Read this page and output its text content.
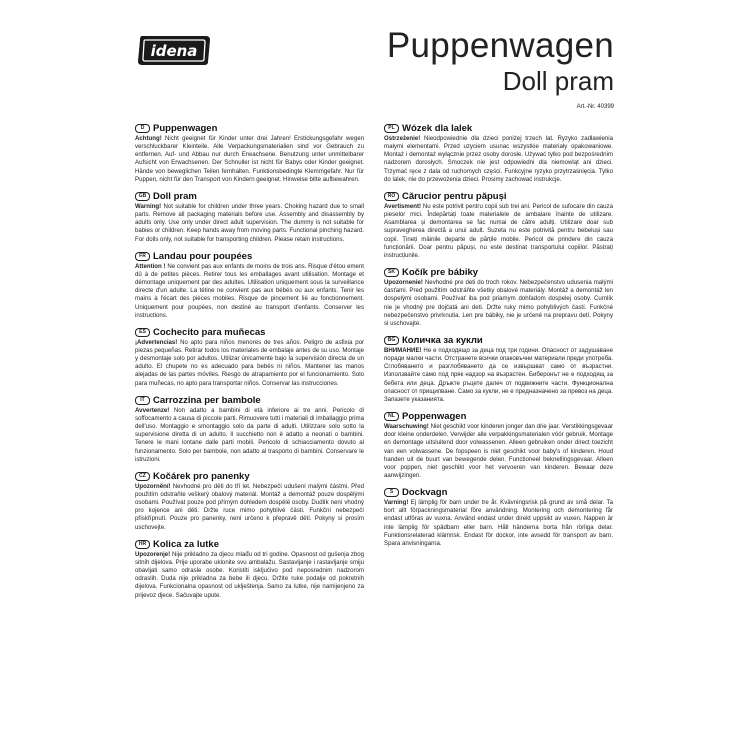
idena	Puppenwagen
Doll pram
Art.-Nr. 40399
D Puppenwagen
Achtung! Nicht geeignet für Kinder unter drei Jahren! Erstickungsgefahr wegen verschluckbarer Kleinteile. Alle Verpackungsmaterialien sind vor Gebrauch zu entfernen. Auf- und Abbau nur durch Erwachsene. Benutzung unter unmittelbarer Aufsicht von Erwachsenen. Der Schnuller ist nicht für Babys oder Kinder geeignet. Hände von beweglichen Teilen fernhalten. Funktionsbedingte Klemmgefahr. Nur für Puppen, nicht für den Transport von Kindern geeignet. Hinweise bitte aufbewahren.
GB Doll pram
Warning! Not suitable for children under three years. Choking hazard due to small parts. Remove all packaging materials before use. Assembly and disassembly by adults only. Use only under direct adult supervision. The dummy is not suitable for babies or children. Keep hands away from moving parts. Functional pinching hazard. For dolls only, not suitable for transporting children. Please retain instructions.
FR Landau pour poupées
Attention ! Ne convient pas aux enfants de moins de trois ans. Risque d'étou ement dû à de petites pièces. Retirer tous les emballages avant utilisation. Montage et démontage uniquement par des adultes. Utilisation uniquement sous la surveillance directe d'un adulte. La tétine ne convient pas aux bébés ou aux enfants. Tenir les mains à l'écart des pièces mobiles. Risque de pincement lié au fonctionnement. Uniquement pour poupées, non destiné au transport d'enfants. Conserver les instructions.
ES Cochecito para muñecas
¡Advertencias! No apto para niños menores de tres años. Peligro de asfixia por piezas pequeñas. Retirar todos los materiales de embalaje antes de su uso. Montaje y desmontaje solo por adultos. Utilizar únicamente bajo la supervisión directa de un adulto. El chupete no es adecuado para bebés ni niños. Mantener las manos alejadas de las partes móviles. Riesgo de atrapamiento por el funcionamiento. Solo para muñecas, no apto para transportar niños. Conservar las instrucciones.
IT Carrozzina per bambole
Avvertenze! Non adatto a bambini di età inferiore ai tre anni. Pericolo di soffocamento a causa di piccole parti. Rimuovere tutti i materiali di imballaggio prima dell'uso. Montaggio e smontaggio solo da parte di adulti. Utilizzare solo sotto la supervisione diretta di un adulto. Il succhietto non è adatto a neonati o bambini. Tenere le mani lontane dalle parti mobili. Pericolo di schiacciamento dovuto al funzionamento. Solo per bambole, non adatto al trasporto di bambini. Conservare le istruzioni.
CZ Kočárek pro panenky
Upozornění! Nevhodné pro děti do tří let. Nebezpečí udušení malými částmi. Před použitím odstraňte veškerý obalový materiál. Montáž a demontáž pouze dospělými osobami. Používat pouze pod přímým dohledem dospělé osoby. Dudlík není vhodný pro kojence ani děti. Držte ruce mimo pohyblivé části. Funkční nebezpečí přiskřípnutí. Pouze pro panenky, není určeno k přepravě dětí. Pokyny si prosím uschovejte.
HR Kolica za lutke
Upozorenje! Nije prikladno za djecu mlađu od tri godine. Opasnost od gušenja zbog sitnih dijelova. Prije uporabe uklonite svu ambalažu. Sastavljanje i rastavljanje smiju obavljati samo odrasle osobe. Koristiti isključivo pod neposrednim nadzorom odraslih. Duda nije prikladna za bebe ili djecu. Držite ruke podalje od pokretnih dijelova. Funkcionalna opasnost od uklještenja. Samo za lutke, nije namijenjeno za prijevoz djece. Sačuvajte upute.
PL Wózek dla lalek
Ostrzeżenie! Nieodpowiednie dla dzieci poniżej trzech lat. Ryzyko zadławienia małymi elementami. Przed uzyciem usunac wszystkie materiały opakowaniowe. Montaż i demontaż wyłącznie przez osoby dorosłe. Używać tylko pod bezpośrednim nadzorem dorosłych. Smoczek nie jest odpowiedni dla niemowląt ani dzieci. Trzymać ręce z dala od ruchomych części. Funkcyjne ryzyko przytrzaśnięcia. Tylko do lalek, nie do przewożenia dzieci. Prosimy zachować instrukcje.
RO Cărucior pentru păpuși
Avertisment! Nu este potrivit pentru copii sub trei ani. Pericol de sufocare din cauza pieselor mici. Îndepărtați toate materialele de ambalare înainte de utilizare. Asamblarea și demontarea se fac numai de către adulți. Utilizare doar sub supravegherea directă a unui adult. Suzeta nu este potrivită pentru bebeluși sau copii. Țineți mâinile departe de părțile mobile. Pericol de prindere din cauza funcționării. Doar pentru păpuși, nu este destinat transportului copiilor. Păstrați instrucțiunile.
SK Kočík pre bábiky
Upozornenie! Nevhodné pre deti do troch rokov. Nebezpečenstvo udusenia malými časťami. Pred použitím odstráňte všetky obalové materiály. Montáž a demontáž len dospelými osobami. Používať iba pod priamym dohľadom dospelej osoby. Cumlík nie je vhodný pre dojčatá ani deti. Držte ruky mimo pohyblivých častí. Funkčné nebezpečenstvo privrknutia. Len pre bábiky, nie je určené na prepravu detí. Pokyny si uschovajte.
BG Количка за кукли
ВНИМАНИЕ! Не е подходящо за деца под три години. Опасност от задушаване поради малки части. Отстранете всички опаковъчни материали преди употреба. Сглобяването и разглобяването да се извършват само от възрастни. Използвайте само под пряк надзор на възрастен. Биберонът не е подходящ за бебета или деца. Дръжте ръцете далеч от подвижните части. Функционална опасност от прищипване. Само за кукли, не е предназначено за превоз на деца. Запазете указанията.
NL Poppenwagen
Waarschuwing! Niet geschikt voor kinderen jonger dan drie jaar. Verstikkingsgevaar door kleine onderdelen. Verwijder alle verpakkingsmaterialen vóór gebruik. Montage en demontage uitsluitend door volwassenen. Alleen gebruiken onder direct toezicht van een volwassene. De fopspeen is niet geschikt voor baby's of kinderen. Houd handen uit de buurt van bewegende delen. Functioneel beknellingsgevaar. Alleen voor poppen, niet geschikt voor het vervoeren van kinderen. Bewaar deze aanwijzingen.
S Dockvagn
Varning! Ej lämplig för barn under tre år. Kvävningsrisk på grund av små delar. Ta bort allt förpackningsmaterial före användning. Montering och demontering får endast utföras av vuxna. Använd endast under direkt uppsikt av vuxen. Nappen är inte lämplig för spädbarn eller barn. Håll händerna borta från rörliga delar. Funktionsrelaterad klämrisk. Endast för dockor, inte avsedd för transport av barn. Spara anvisningarna.
